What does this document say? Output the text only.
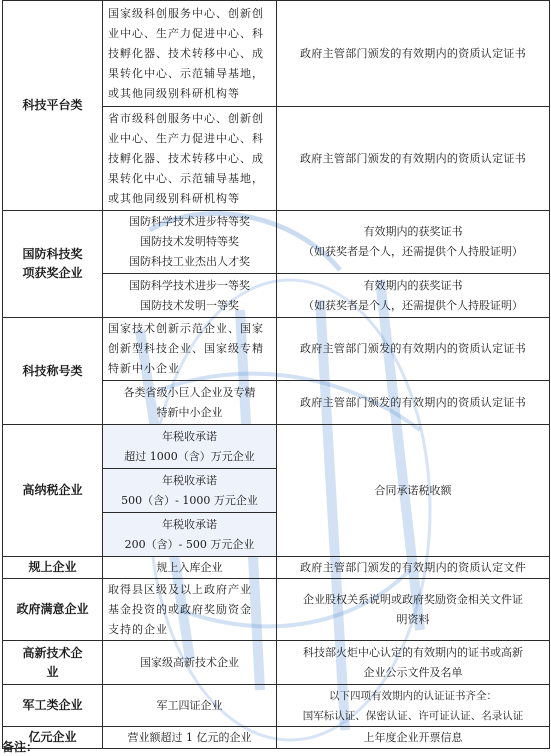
科技平台类	国家级科创服务中心、创新创
业中心、生产力促进中心、科
技孵化器、技术转移中心、成
果转化中心、示范辅导基地，
或其他同级别科研机构等	政府主管部门颁发的有效期内的资质认定证书

	省市级科创服务中心、创新创
业中心、生产力促进中心、科
技孵化器、技术转移中心、成
果转化中心、示范辅导基地，
或其他同级别科研机构等	政府主管部门颁发的有效期内的资质认定证书

国防科技奖
项获奖企业	国防科学技术进步特等奖
国防技术发明特等奖
国防科技工业杰出人才奖	有效期内的获奖证书
（如获奖者是个人，还需提供个人持股证明）

	国防科学技术进步一等奖
国防技术发明一等奖	有效期内的获奖证书
（如获奖者是个人，还需提供个人持股证明）

科技称号类	国家技术创新示范企业、国家
创新型科技企业、国家级专精
特新中小企业	政府主管部门颁发的有效期内的资质认定证书

	各类省级小巨人企业及专精
特新中小企业	政府主管部门颁发的有效期内的资质认定证书
高纳税企业	年税收承诺
超过 1000（含）万元企业	合同承诺税收额

	年税收承诺
500（含）- 1000 万元企业	

	年税收承诺
200（含）- 500 万元企业	

规上企业	规上入库企业	政府主管部门颁发的有效期内的资质认定文件
政府满意企业	取得县区级及以上政府产业
基金投资的或政府奖励资金
支持的企业	企业股权关系说明或政府奖励资金相关文件证
明资料

高新技术企
业	国家级高新技术企业	科技部火炬中心认定的有效期内的证书或高新
企业公示文件及名单

军工类企业	军工四证企业	以下四项有效期内的认证证书齐全：
国军标认证、保密认证、许可证认证、名录认证

亿元企业	营业额超过 1 亿元的企业	上年度企业开票信息
备注：
